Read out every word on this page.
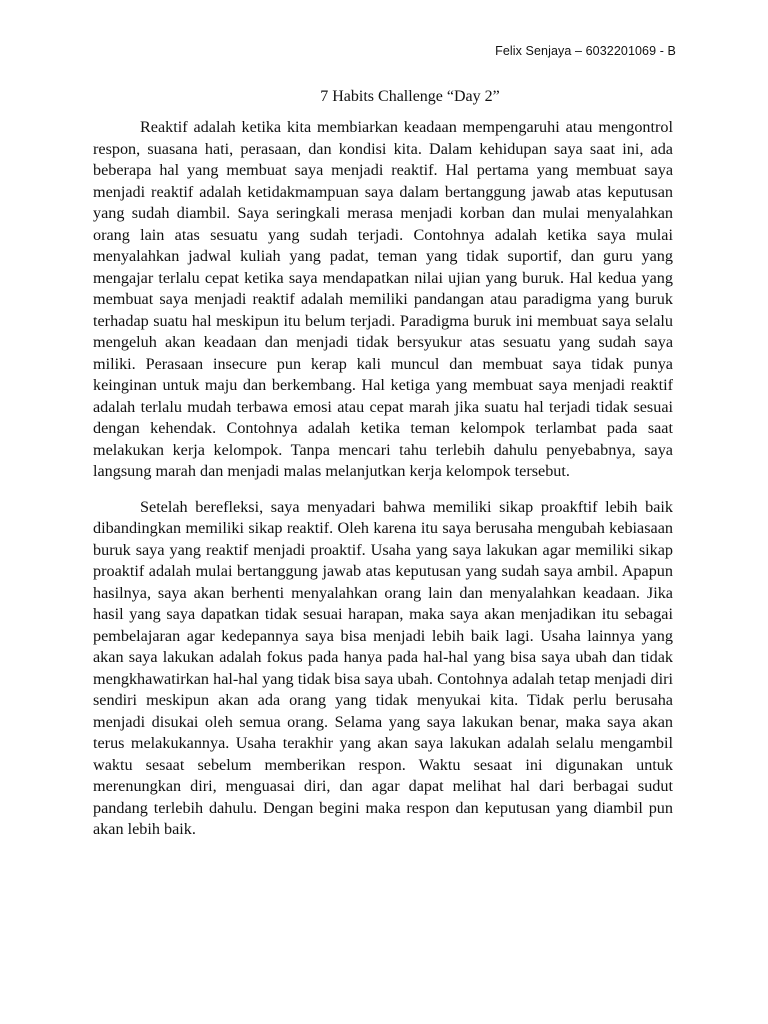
Felix Senjaya – 6032201069 - B
7 Habits Challenge “Day 2”

Reaktif adalah ketika kita membiarkan keadaan mempengaruhi atau mengontrol respon, suasana hati, perasaan, dan kondisi kita. Dalam kehidupan saya saat ini, ada beberapa hal yang membuat saya menjadi reaktif. Hal pertama yang membuat saya menjadi reaktif adalah ketidakmampuan saya dalam bertanggung jawab atas keputusan yang sudah diambil. Saya seringkali merasa menjadi korban dan mulai menyalahkan orang lain atas sesuatu yang sudah terjadi. Contohnya adalah ketika saya mulai menyalahkan jadwal kuliah yang padat, teman yang tidak suportif, dan guru yang mengajar terlalu cepat ketika saya mendapatkan nilai ujian yang buruk. Hal kedua yang membuat saya menjadi reaktif adalah memiliki pandangan atau paradigma yang buruk terhadap suatu hal meskipun itu belum terjadi. Paradigma buruk ini membuat saya selalu mengeluh akan keadaan dan menjadi tidak bersyukur atas sesuatu yang sudah saya miliki. Perasaan insecure pun kerap kali muncul dan membuat saya tidak punya keinginan untuk maju dan berkembang. Hal ketiga yang membuat saya menjadi reaktif adalah terlalu mudah terbawa emosi atau cepat marah jika suatu hal terjadi tidak sesuai dengan kehendak. Contohnya adalah ketika teman kelompok terlambat pada saat melakukan kerja kelompok. Tanpa mencari tahu terlebih dahulu penyebabnya, saya langsung marah dan menjadi malas melanjutkan kerja kelompok tersebut.

Setelah berefleksi, saya menyadari bahwa memiliki sikap proakftif lebih baik dibandingkan memiliki sikap reaktif. Oleh karena itu saya berusaha mengubah kebiasaan buruk saya yang reaktif menjadi proaktif. Usaha yang saya lakukan agar memiliki sikap proaktif adalah mulai bertanggung jawab atas keputusan yang sudah saya ambil. Apapun hasilnya, saya akan berhenti menyalahkan orang lain dan menyalahkan keadaan. Jika hasil yang saya dapatkan tidak sesuai harapan, maka saya akan menjadikan itu sebagai pembelajaran agar kedepannya saya bisa menjadi lebih baik lagi. Usaha lainnya yang akan saya lakukan adalah fokus pada hanya pada hal-hal yang bisa saya ubah dan tidak mengkhawatirkan hal-hal yang tidak bisa saya ubah. Contohnya adalah tetap menjadi diri sendiri meskipun akan ada orang yang tidak menyukai kita. Tidak perlu berusaha menjadi disukai oleh semua orang. Selama yang saya lakukan benar, maka saya akan terus melakukannya. Usaha terakhir yang akan saya lakukan adalah selalu mengambil waktu sesaat sebelum memberikan respon. Waktu sesaat ini digunakan untuk merenungkan diri, menguasai diri, dan agar dapat melihat hal dari berbagai sudut pandang terlebih dahulu. Dengan begini maka respon dan keputusan yang diambil pun akan lebih baik.
